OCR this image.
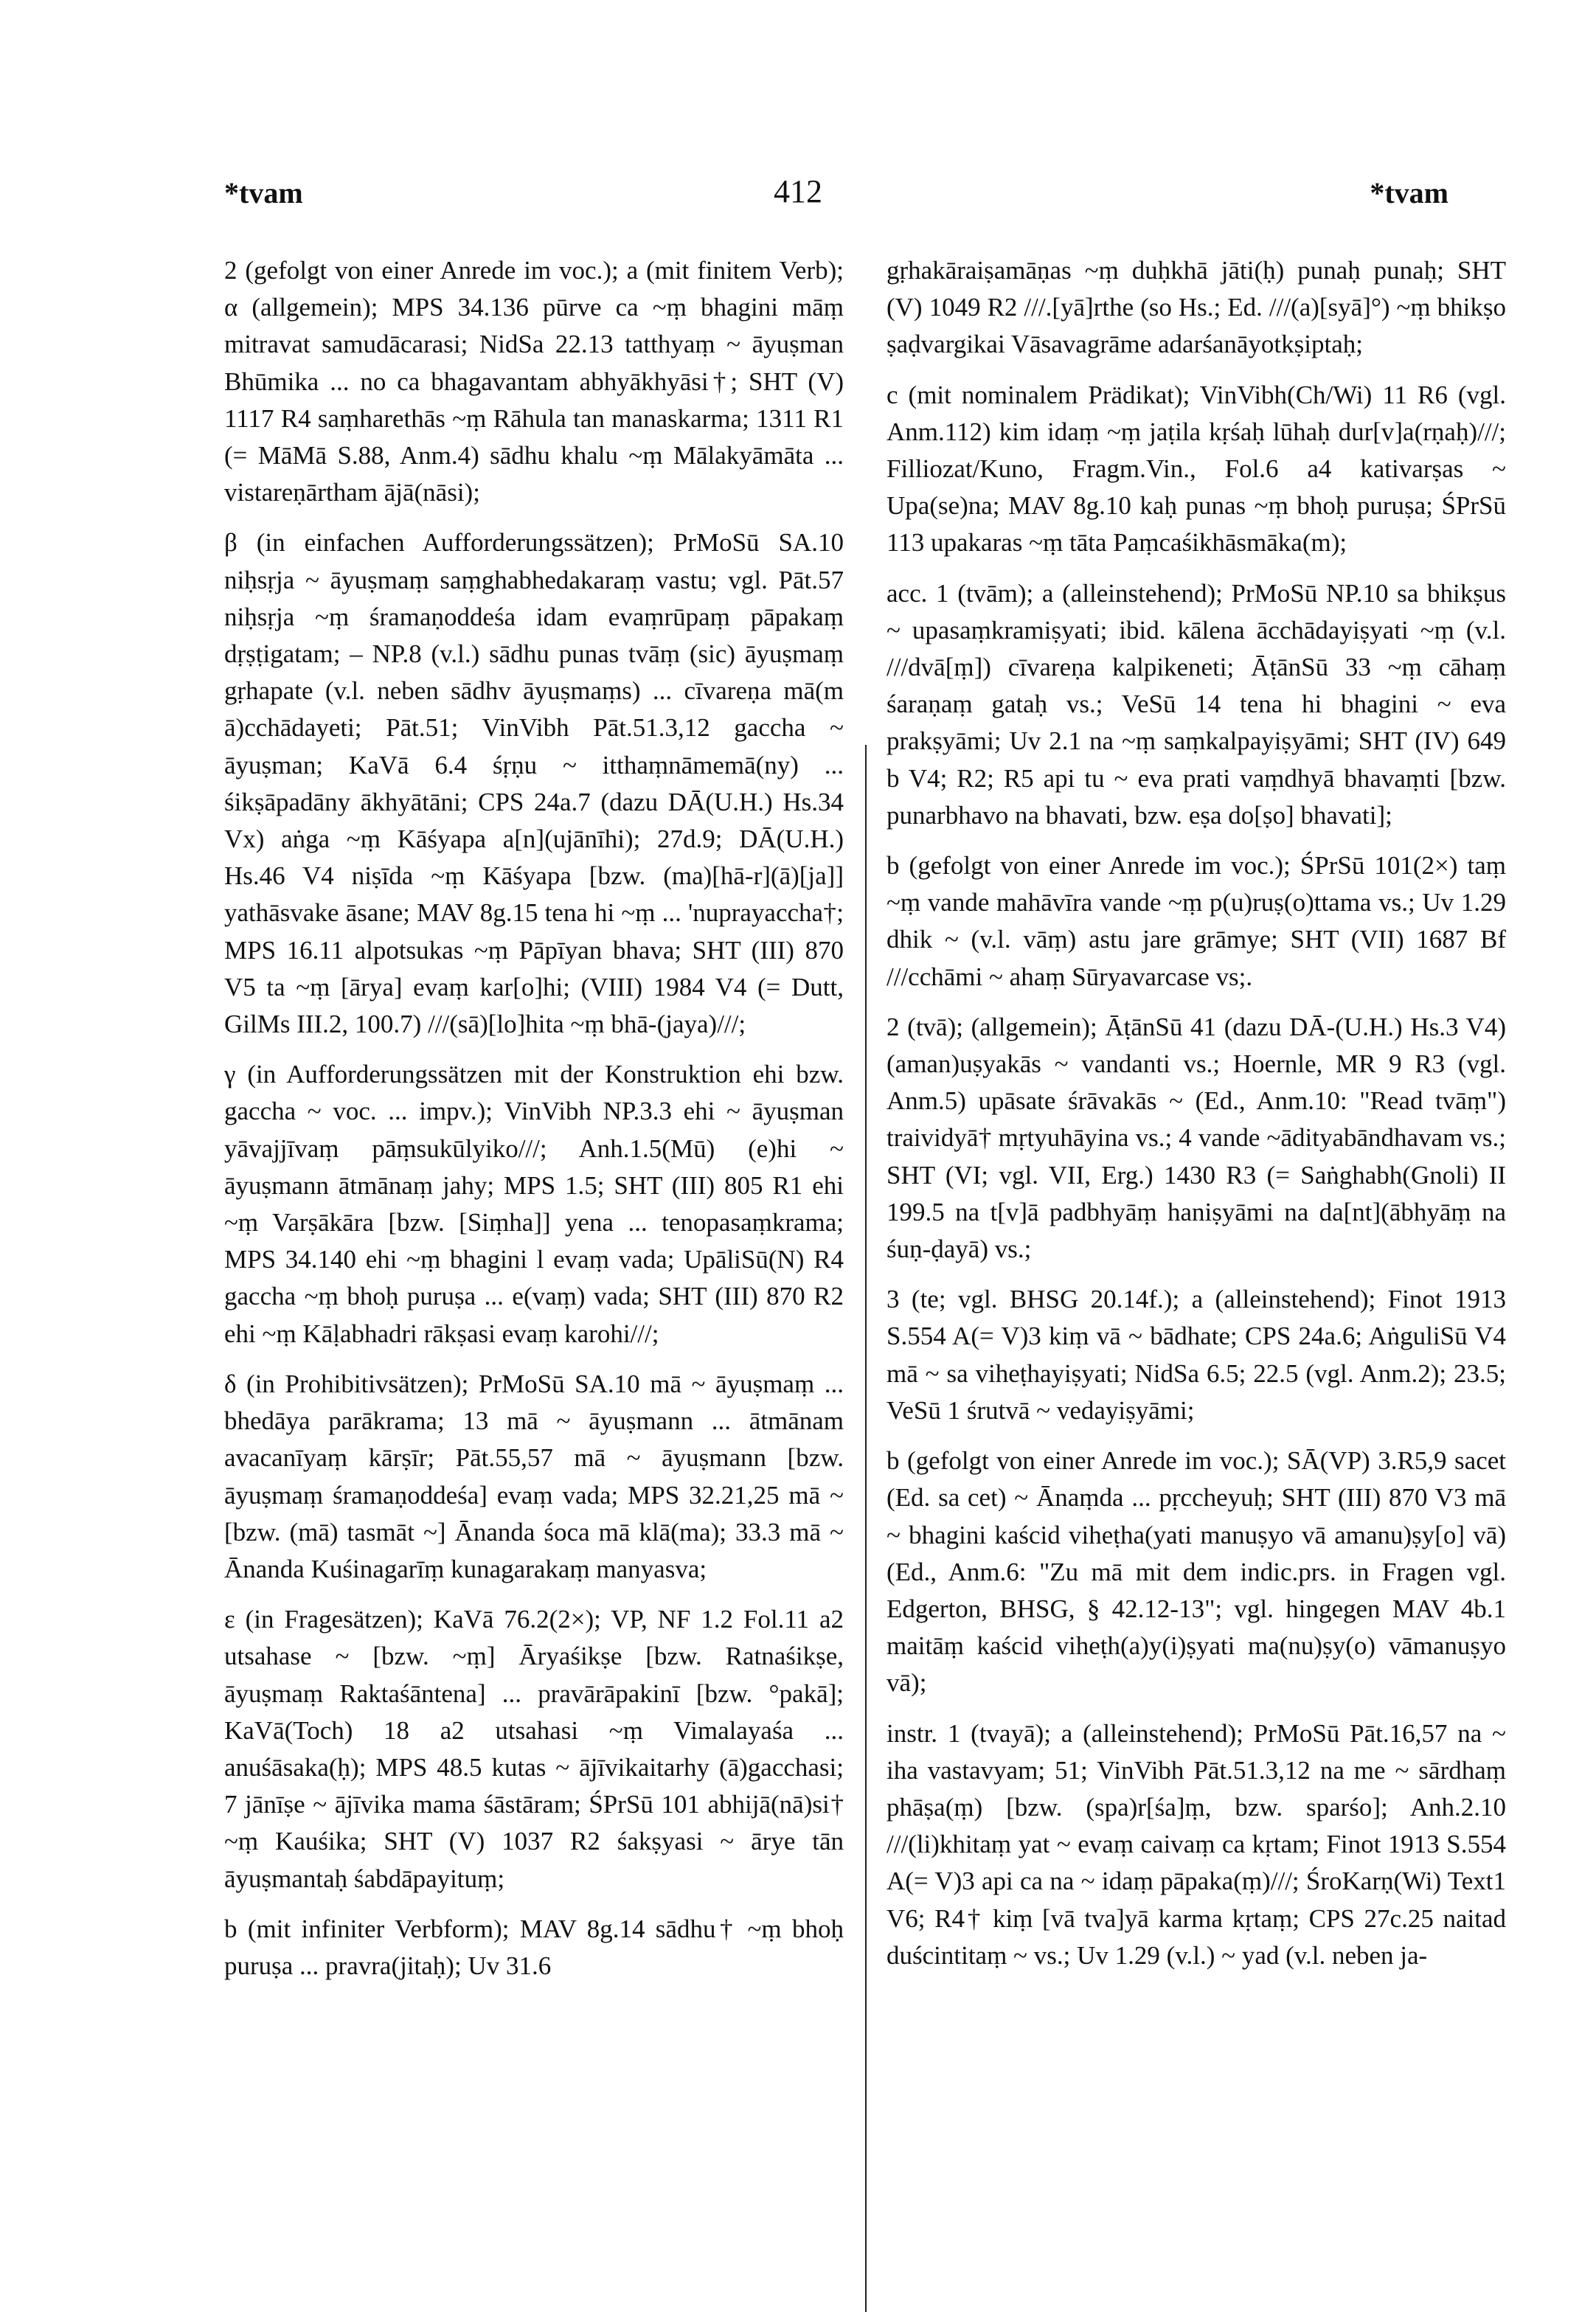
*tvam	412	*tvam

2 (gefolgt von einer Anrede im voc.); a (mit finitem Verb); α (allgemein); MPS 34.136 pūrve ca ~ṃ bhagini māṃ mitravat samudācarasi; NidSa 22.13 tatthyaṃ ~ āyuṣman Bhūmika ... no ca bhagavantam abhyākhyāsi†; SHT (V) 1117 R4 saṃharethās ~ṃ Rāhula tan manaskarma; 1311 R1 (= MāMā S.88, Anm.4) sādhu khalu ~ṃ Mālakyāmāta ... vistareṇārtham ājā(nāsi);

β (in einfachen Aufforderungssätzen); PrMoSū SA.10 niḥsṛja ~ āyuṣmaṃ saṃghabhedakaraṃ vastu; vgl. Pāt.57 niḥsṛja ~ṃ śramaṇoddeśa idam evaṃrūpaṃ pāpakaṃ dṛṣṭigatam; – NP.8 (v.l.) sādhu punas tvāṃ (sic) āyuṣmaṃ gṛhapate (v.l. neben sādhv āyuṣmaṃs) ... cīvareṇa mā(m ā)cchādayeti; Pāt.51; VinVibh Pāt.51.3,12 gaccha ~ āyuṣman; KaVā 6.4 śṛṇu ~ itthaṃnāmemā(ny) ... śikṣāpadāny ākhyātāni; CPS 24a.7 (dazu DĀ(U.H.) Hs.34 Vx) aṅga ~ṃ Kāśyapa a[n](ujānīhi); 27d.9; DĀ(U.H.) Hs.46 V4 niṣīda ~ṃ Kāśyapa [bzw. (ma)[hā-r](ā)[ja]] yathāsvake āsane; MAV 8g.15 tena hi ~ṃ ... 'nuprayaccha†; MPS 16.11 alpotsukas ~ṃ Pāpīyan bhava; SHT (III) 870 V5 ta ~ṃ [ārya] evaṃ kar[o]hi; (VIII) 1984 V4 (= Dutt, GilMs III.2, 100.7) ///(sā)[lo]hita ~ṃ bhā-(jaya)///;

γ (in Aufforderungssätzen mit der Konstruktion ehi bzw. gaccha ~ voc. ... impv.); VinVibh NP.3.3 ehi ~ āyuṣman yāvajjīvaṃ pāṃsukūlyiko///; Anh.1.5(Mū) (e)hi ~ āyuṣmann ātmānaṃ jahy; MPS 1.5; SHT (III) 805 R1 ehi ~ṃ Varṣākāra [bzw. [Siṃha]] yena ... tenopasaṃkrama; MPS 34.140 ehi ~ṃ bhagini l evaṃ vada; UpāliSū(N) R4 gaccha ~ṃ bhoḥ puruṣa ... e(vaṃ) vada; SHT (III) 870 R2 ehi ~ṃ Kāḷabhadri rākṣasi evaṃ karohi///;

δ (in Prohibitivsätzen); PrMoSū SA.10 mā ~ āyuṣmaṃ ... bhedāya parākrama; 13 mā ~ āyuṣmann ... ātmānam avacanīyaṃ kārṣīr; Pāt.55,57 mā ~ āyuṣmann [bzw. āyuṣmaṃ śramaṇoddeśa] evaṃ vada; MPS 32.21,25 mā ~ [bzw. (mā) tasmāt ~] Ānanda śoca mā klā(ma); 33.3 mā ~ Ānanda Kuśinagarīṃ kunagarakaṃ manyasva;

ε (in Fragesätzen); KaVā 76.2(2×); VP, NF 1.2 Fol.11 a2 utsahase ~ [bzw. ~ṃ] Āryaśikṣe [bzw. Ratnaśikṣe, āyuṣmaṃ Raktaśāntena] ... pravārāpakinī [bzw. °pakā]; KaVā(Toch) 18 a2 utsahasi ~ṃ Vimalayaśa ... anuśāsaka(ḥ); MPS 48.5 kutas ~ ājīvikaitarhy (ā)gacchasi; 7 jānīṣe ~ ājīvika mama śāstāram; ŚPrSū 101 abhijā(nā)si† ~ṃ Kauśika; SHT (V) 1037 R2 śakṣyasi ~ ārye tān āyuṣmantaḥ śabdāpayituṃ;

b (mit infiniter Verbform); MAV 8g.14 sādhu† ~ṃ bhoḥ puruṣa ... pravra(jitaḥ); Uv 31.6

gṛhakāraiṣamāṇas ~ṃ duḥkhā jāti(ḥ) punaḥ punaḥ; SHT (V) 1049 R2 ///.[yā]rthe (so Hs.; Ed. ///(a)[syā]°) ~ṃ bhikṣo ṣaḍvargikai Vāsavagrāme adarśanāyotkṣiptaḥ;

c (mit nominalem Prädikat); VinVibh(Ch/Wi) 11 R6 (vgl. Anm.112) kim idaṃ ~ṃ jaṭila kṛśaḥ lūhaḥ dur[v]a(rṇaḥ)///; Filliozat/Kuno, Fragm.Vin., Fol.6 a4 kativarṣas ~ Upa(se)na; MAV 8g.10 kaḥ punas ~ṃ bhoḥ puruṣa; ŚPrSū 113 upakaras ~ṃ tāta Paṃcaśikhāsmāka(m);

acc. 1 (tvām); a (alleinstehend); PrMoSū NP.10 sa bhikṣus ~ upasaṃkramiṣyati; ibid. kālena ācchādayiṣyati ~ṃ (v.l. ///dvā[ṃ]) cīvareṇa kalpikeneti; ĀṭānSū 33 ~ṃ cāhaṃ śaraṇaṃ gataḥ vs.; VeSū 14 tena hi bhagini ~ eva prakṣyāmi; Uv 2.1 na ~ṃ saṃkalpayiṣyāmi; SHT (IV) 649 b V4; R2; R5 api tu ~ eva prati vaṃdhyā bhavaṃti [bzw. punarbhavo na bhavati, bzw. eṣa do[ṣo] bhavati];

b (gefolgt von einer Anrede im voc.); ŚPrSū 101(2×) taṃ ~ṃ vande mahāvīra vande ~ṃ p(u)ruṣ(o)ttama vs.; Uv 1.29 dhik ~ (v.l. vāṃ) astu jare grāmye; SHT (VII) 1687 Bf ///cchāmi ~ ahaṃ Sūryavarcase vs;.

2 (tvā); (allgemein); ĀṭānSū 41 (dazu DĀ-(U.H.) Hs.3 V4) (aman)uṣyakās ~ vandanti vs.; Hoernle, MR 9 R3 (vgl. Anm.5) upāsate śrāvakās ~ (Ed., Anm.10: "Read tvāṃ") traividyā† mṛtyuhāyina vs.; 4 vande ~ādityabāndhavam vs.; SHT (VI; vgl. VII, Erg.) 1430 R3 (= Saṅghabh(Gnoli) II 199.5 na t[v]ā padbhyāṃ haniṣyāmi na da[nt](ābhyāṃ na śuṇ-ḍayā) vs.;

3 (te; vgl. BHSG 20.14f.); a (alleinstehend); Finot 1913 S.554 A(= V)3 kiṃ vā ~ bādhate; CPS 24a.6; AṅguliSū V4 mā ~ sa viheṭhayiṣyati; NidSa 6.5; 22.5 (vgl. Anm.2); 23.5; VeSū 1 śrutvā ~ vedayiṣyāmi;

b (gefolgt von einer Anrede im voc.); SĀ(VP) 3.R5,9 sacet (Ed. sa cet) ~ Ānaṃda ... pṛccheyuḥ; SHT (III) 870 V3 mā ~ bhagini kaścid viheṭha(yati manuṣyo vā amanu)ṣy[o] vā) (Ed., Anm.6: "Zu mā mit dem indic.prs. in Fragen vgl. Edgerton, BHSG, § 42.12-13"; vgl. hingegen MAV 4b.1 maitāṃ kaścid viheṭh(a)y(i)ṣyati ma(nu)ṣy(o) vāmanuṣyo vā);

instr. 1 (tvayā); a (alleinstehend); PrMoSū Pāt.16,57 na ~ iha vastavyam; 51; VinVibh Pāt.51.3,12 na me ~ sārdhaṃ phāṣa(ṃ) [bzw. (spa)r[śa]ṃ, bzw. sparśo]; Anh.2.10 ///(li)khitaṃ yat ~ evaṃ caivaṃ ca kṛtam; Finot 1913 S.554 A(= V)3 api ca na ~ idaṃ pāpaka(ṃ)///; ŚroKarṇ(Wi) Text1 V6; R4† kiṃ [vā tva]yā karma kṛtaṃ; CPS 27c.25 naitad duścintitaṃ ~ vs.; Uv 1.29 (v.l.) ~ yad (v.l. neben ja-
